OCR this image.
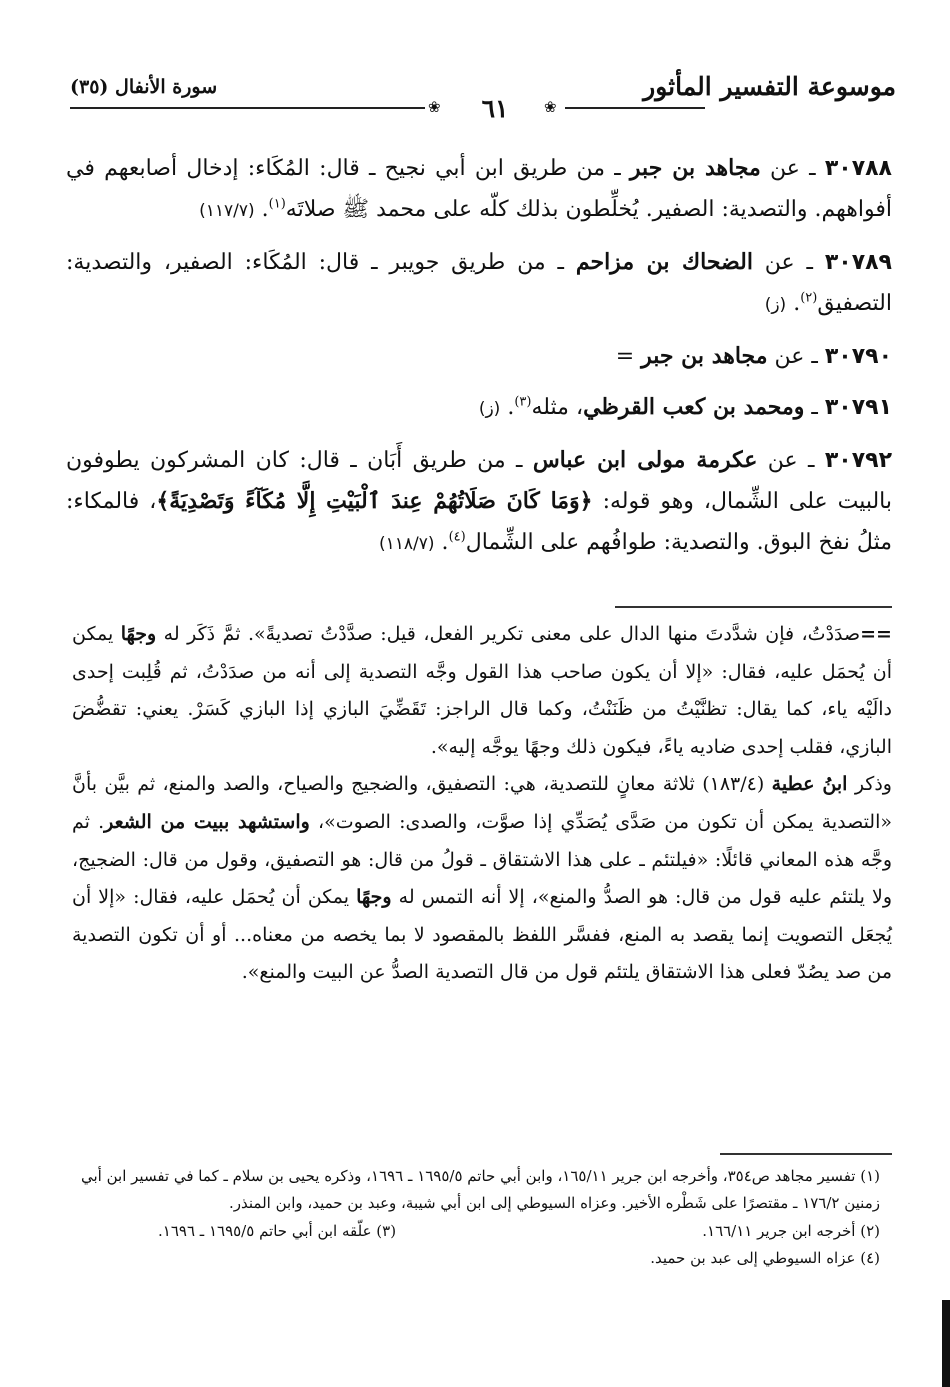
موسوعة التفسير المأثور
سورة الأنفال (٣٥)
❀	❀
٦١

٣٠٧٨٨ ـ عن مجاهد بن جبر ـ من طريق ابن أبي نجيح ـ قال: المُكَاء: إدخال أصابعهم في أفواههم. والتصدية: الصفير. يُخلِّطون بذلك كلّه على محمد ﷺ صلاتَه$^{(١)}$. (١١٧/٧)

٣٠٧٨٩ ـ عن الضحاك بن مزاحم ـ من طريق جويبر ـ قال: المُكَاء: الصفير، والتصدية: التصفيق$^{(٢)}$. (ز)

٣٠٧٩٠ ـ عن مجاهد بن جبر =

٣٠٧٩١ ـ ومحمد بن كعب القرظي، مثله$^{(٣)}$. (ز)

٣٠٧٩٢ ـ عن عكرمة مولى ابن عباس ـ من طريق أَبَان ـ قال: كان المشركون يطوفون بالبيت على الشِّمال، وهو قوله: ﴿وَمَا كَانَ صَلَاتُهُمْ عِندَ ٱلْبَيْتِ إِلَّا مُكَآءً وَتَصْدِيَةً﴾، فالمكاء: مثلُ نفخ البوق. والتصدية: طوافُهم على الشِّمال$^{(٤)}$. (١١٨/٧)

==صدَدْتُ، فإن شدَّدتَ منها الدال على معنى تكرير الفعل، قيل: صدَّدْتُ تصديةً». ثمَّ ذَكَر له وجهًا يمكن أن يُحمَل عليه، فقال: «إلا أن يكون صاحب هذا القول وجَّه التصدية إلى أنه من صدَدْتُ، ثم قُلِبت إحدى دالَيْه ياء، كما يقال: تظنَّيْتُ من ظَنَنْتُ، وكما قال الراجز: تَقَضِّيَ البازي إذا البازي كَسَرْ. يعني: تقضُّضَ البازي، فقلب إحدى ضاديه ياءً، فيكون ذلك وجهًا يوجَّه إليه».

وذكر ابنُ عطية (١٨٣/٤) ثلاثة معانٍ للتصدية، هي: التصفيق، والضجيج والصياح، والصد والمنع، ثم بيَّن بأنَّ «التصدية يمكن أن تكون من صَدَّى يُصَدِّي إذا صوَّت، والصدى: الصوت»، واستشهد ببيت من الشعر. ثم وجَّه هذه المعاني قائلًا: «فيلتئم ـ على هذا الاشتقاق ـ قولُ من قال: هو التصفيق، وقول من قال: الضجيج، ولا يلتئم عليه قول من قال: هو الصدُّ والمنع»، إلا أنه التمس له وجهًا يمكن أن يُحمَل عليه، فقال: «إلا أن يُجعَل التصويت إنما يقصد به المنع، ففسَّر اللفظ بالمقصود لا بما يخصه من معناه... أو أن تكون التصدية من صد يصُدّ فعلى هذا الاشتقاق يلتئم قول من قال التصدية الصدُّ عن البيت والمنع».

(١) تفسير مجاهد ص٣٥٤، وأخرجه ابن جرير ١٦٥/١١، وابن أبي حاتم ١٦٩٥/٥ ـ ١٦٩٦، وذكره يحيى بن سلام ـ كما في تفسير ابن أبي زمنين ١٧٦/٢ ـ مقتصرًا على شَطْره الأخير. وعزاه السيوطي إلى ابن أبي شيبة، وعبد بن حميد، وابن المنذر.

(٢) أخرجه ابن جرير ١٦٦/١١.
(٣) علّقه ابن أبي حاتم ١٦٩٥/٥ ـ ١٦٩٦.

(٤) عزاه السيوطي إلى عبد بن حميد.
